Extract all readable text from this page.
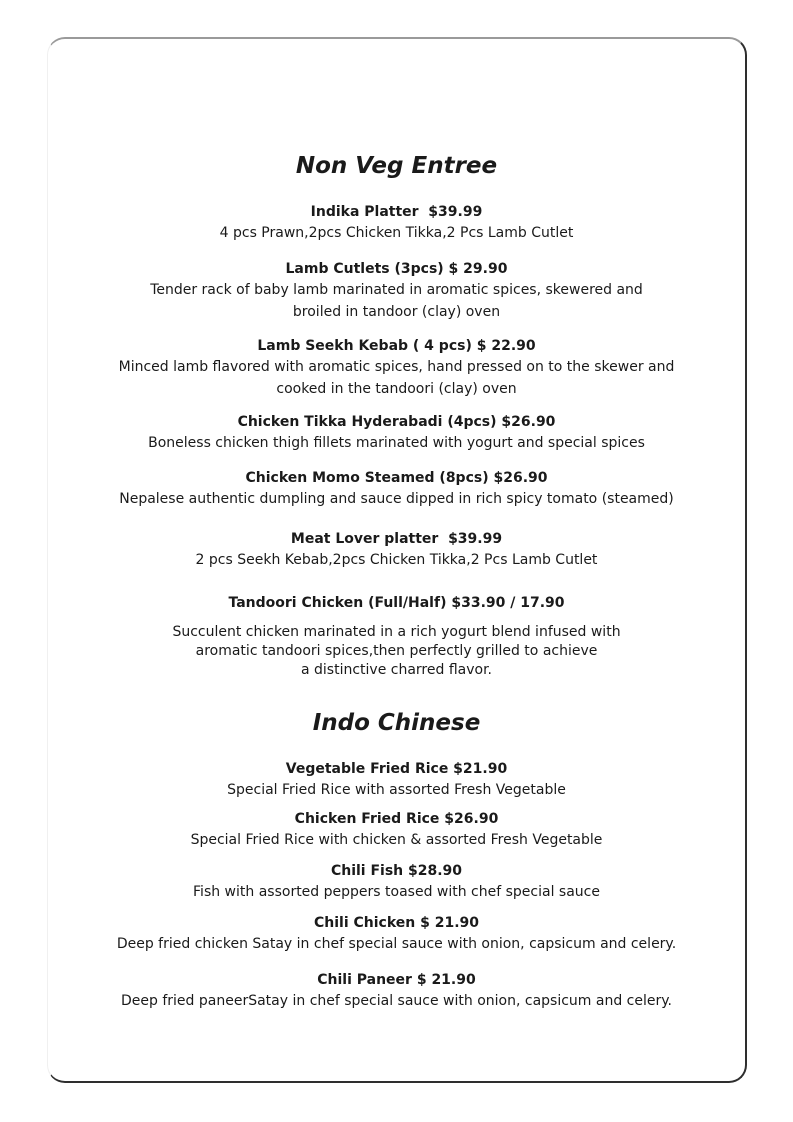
Non Veg Entree
Indika Platter  $39.99
4 pcs Prawn,2pcs Chicken Tikka,2 Pcs Lamb Cutlet
Lamb Cutlets (3pcs) $ 29.90
Tender rack of baby lamb marinated in aromatic spices, skewered and
broiled in tandoor (clay) oven
Lamb Seekh Kebab ( 4 pcs) $ 22.90
Minced lamb flavored with aromatic spices, hand pressed on to the skewer and
cooked in the tandoori (clay) oven
Chicken Tikka Hyderabadi (4pcs) $26.90
Boneless chicken thigh fillets marinated with yogurt and special spices
Chicken Momo Steamed (8pcs) $26.90
Nepalese authentic dumpling and sauce dipped in rich spicy tomato (steamed)
Meat Lover platter  $39.99
2 pcs Seekh Kebab,2pcs Chicken Tikka,2 Pcs Lamb Cutlet
Tandoori Chicken (Full/Half) $33.90 / 17.90
Succulent chicken marinated in a rich yogurt blend infused with
aromatic tandoori spices,then perfectly grilled to achieve
a distinctive charred flavor.
Indo Chinese
Vegetable Fried Rice $21.90
Special Fried Rice with assorted Fresh Vegetable
Chicken Fried Rice $26.90
Special Fried Rice with chicken & assorted Fresh Vegetable
Chili Fish $28.90
Fish with assorted peppers toased with chef special sauce
Chili Chicken $ 21.90
Deep fried chicken Satay in chef special sauce with onion, capsicum and celery.
Chili Paneer $ 21.90
Deep fried paneerSatay in chef special sauce with onion, capsicum and celery.
